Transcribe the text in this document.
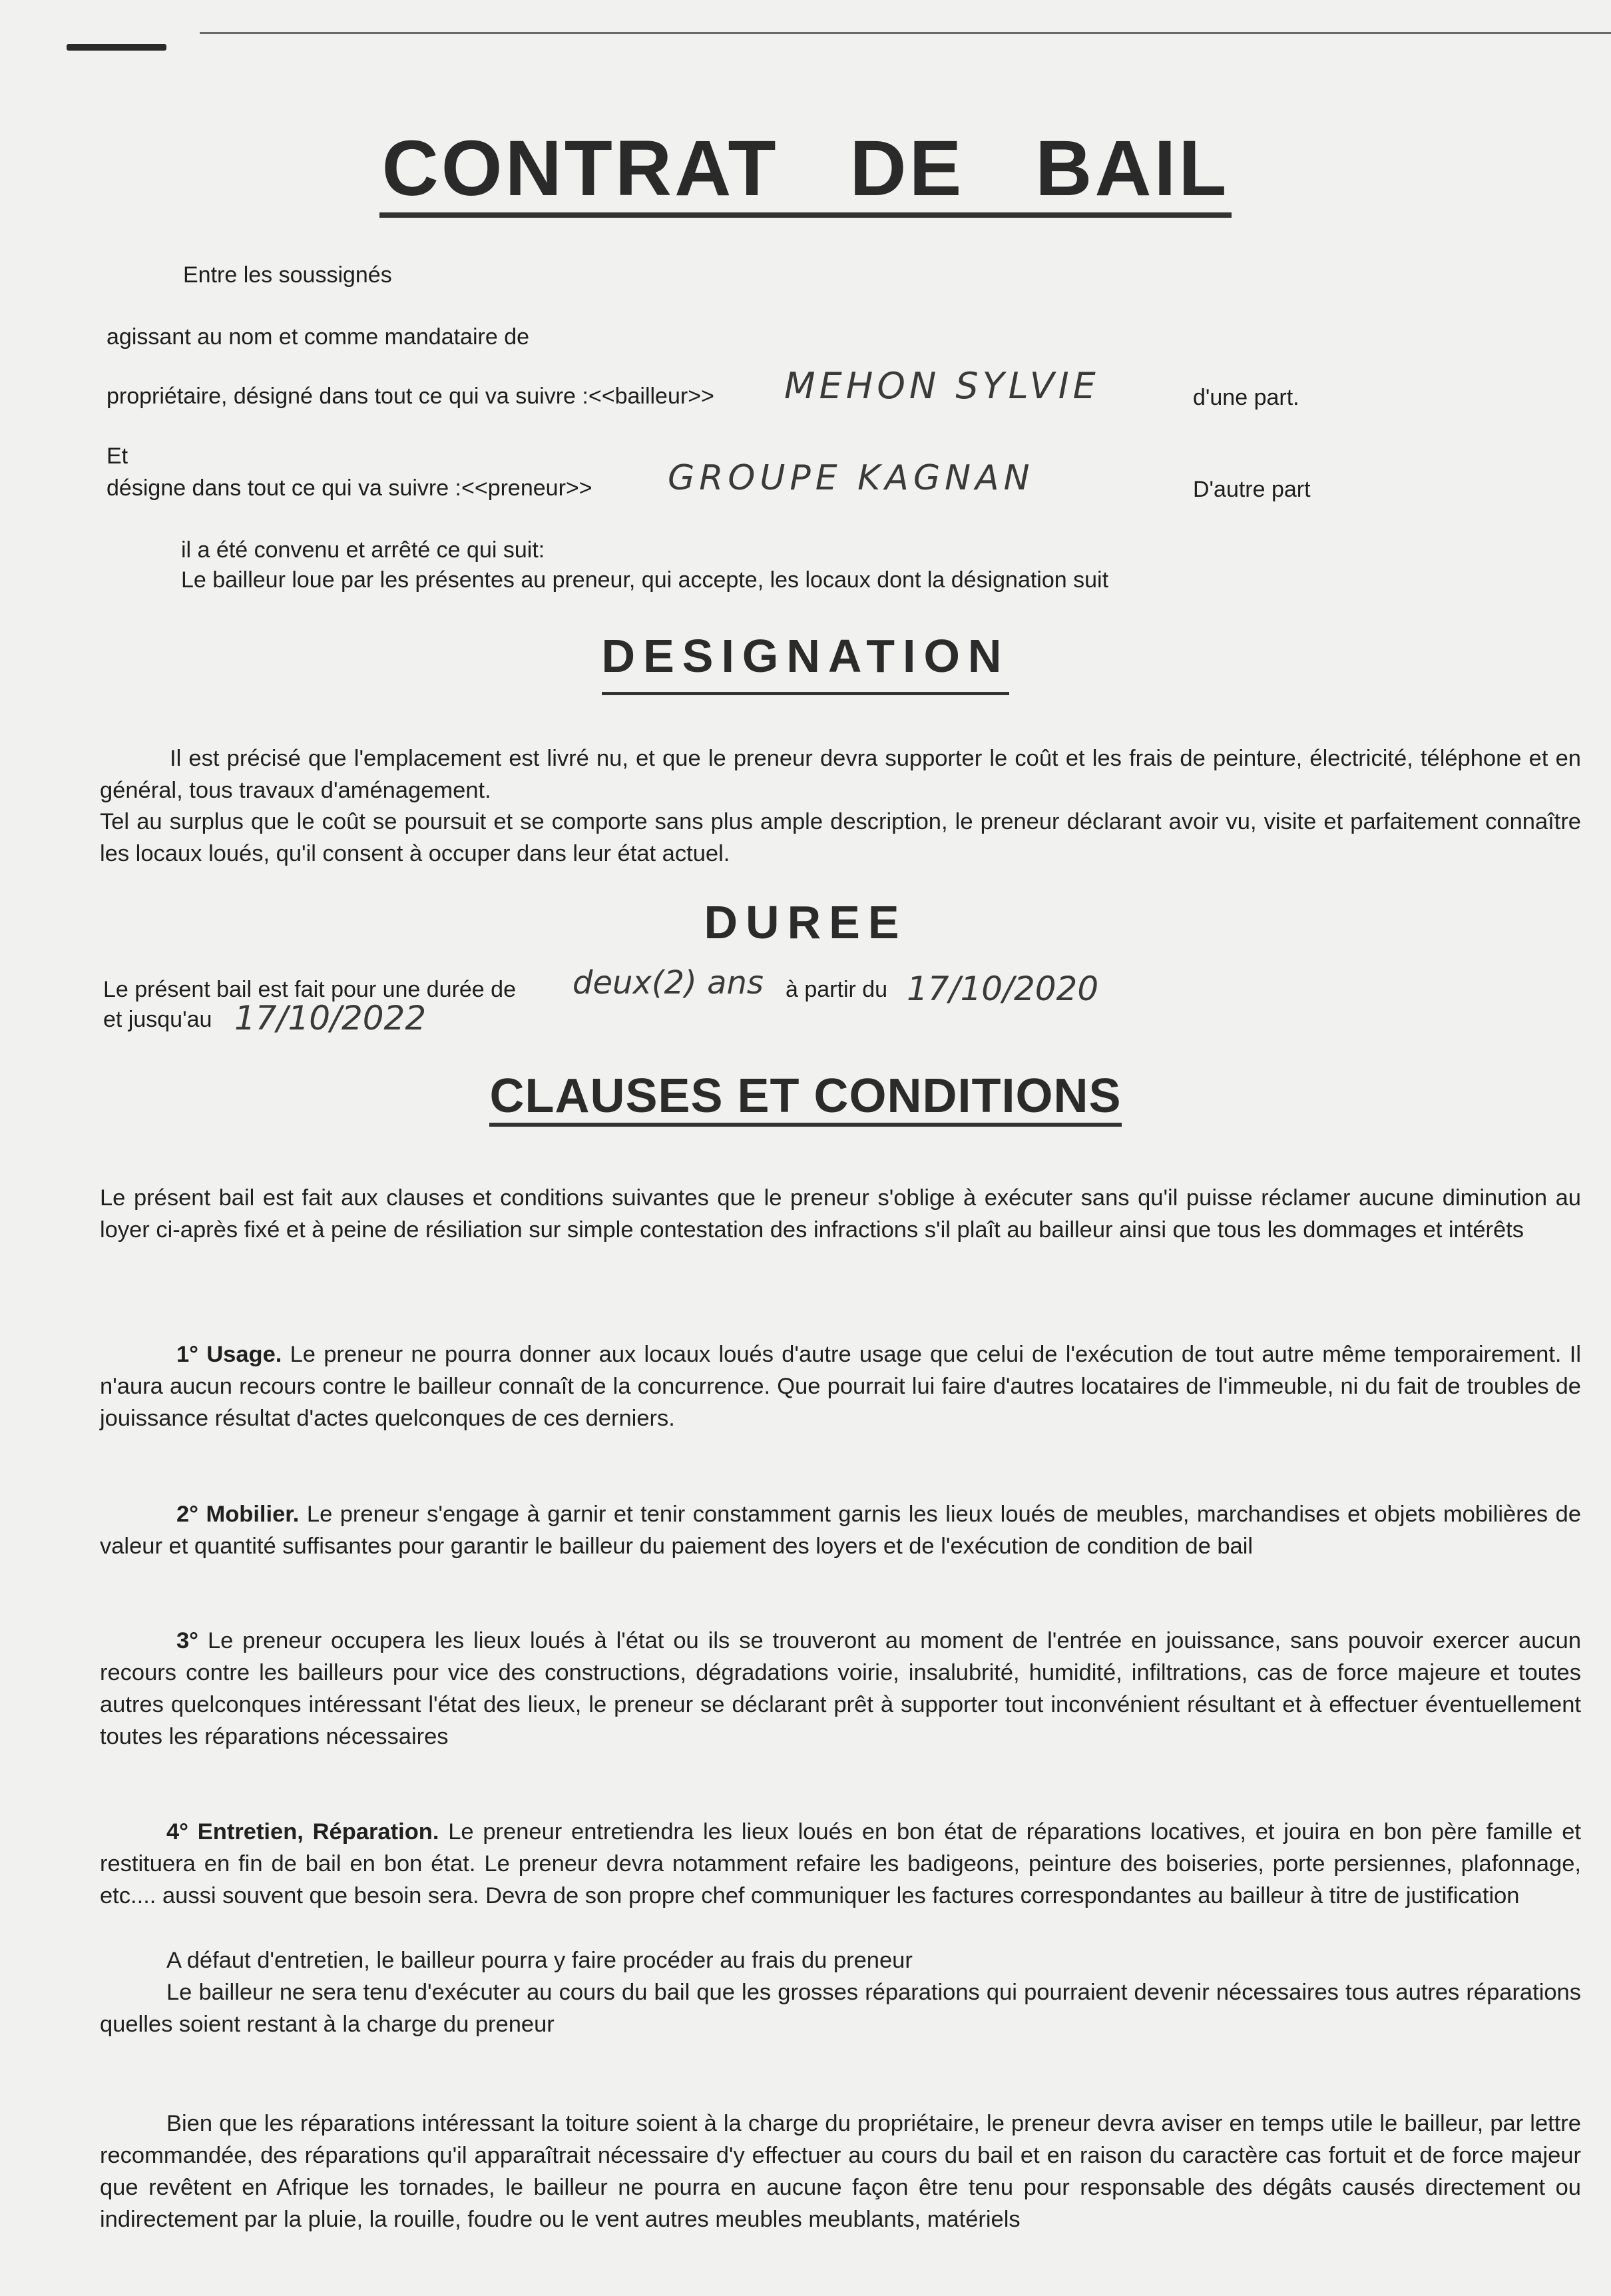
CONTRAT DE BAIL

Entre les soussignés

agissant au nom et comme mandataire de

propriétaire, désigné dans tout ce qui va suivre :<<bailleur>> MEHON SYLVIE	d'une part.

Et

désigne dans tout ce qui va suivre :<<preneur>> GROUPE KAGNAN	D'autre part

il a été convenu et arrêté ce qui suit:

Le bailleur loue par les présentes au preneur, qui accepte, les locaux dont la désignation suit

DESIGNATION

Il est précisé que l'emplacement est livré nu, et que le preneur devra supporter le coût et les frais de peinture, électricité, téléphone et en général, tous travaux d'aménagement.

Tel au surplus que le coût se poursuit et se comporte sans plus ample description, le preneur déclarant avoir vu, visite et parfaitement connaître les locaux loués, qu'il consent à occuper dans leur état actuel.

DUREE

Le présent bail est fait pour une durée de deux(2) ans à partir du 17/10/2020

et jusqu'au 17/10/2022
CLAUSES ET CONDITIONS

Le présent bail est fait aux clauses et conditions suivantes que le preneur s'oblige à exécuter sans qu'il puisse réclamer aucune diminution au loyer ci-après fixé et à peine de résiliation sur simple contestation des infractions s'il plaît au bailleur ainsi que tous les dommages et intérêts

1° Usage. Le preneur ne pourra donner aux locaux loués d'autre usage que celui de l'exécution de tout autre même temporairement. Il n'aura aucun recours contre le bailleur connaît de la concurrence. Que pourrait lui faire d'autres locataires de l'immeuble, ni du fait de troubles de jouissance résultat d'actes quelconques de ces derniers.

2° Mobilier. Le preneur s'engage à garnir et tenir constamment garnis les lieux loués de meubles, marchandises et objets mobilières de valeur et quantité suffisantes pour garantir le bailleur du paiement des loyers et de l'exécution de condition de bail

3° Le preneur occupera les lieux loués à l'état ou ils se trouveront au moment de l'entrée en jouissance, sans pouvoir exercer aucun recours contre les bailleurs pour vice des constructions, dégradations voirie, insalubrité, humidité, infiltrations, cas de force majeure et toutes autres quelconques intéressant l'état des lieux, le preneur se déclarant prêt à supporter tout inconvénient résultant et à effectuer éventuellement toutes les réparations nécessaires

4° Entretien, Réparation. Le preneur entretiendra les lieux loués en bon état de réparations locatives, et jouira en bon père famille et restituera en fin de bail en bon état. Le preneur devra notamment refaire les badigeons, peinture des boiseries, porte persiennes, plafonnage, etc.... aussi souvent que besoin sera. Devra de son propre chef communiquer les factures correspondantes au bailleur à titre de justification

A défaut d'entretien, le bailleur pourra y faire procéder au frais du preneur

Le bailleur ne sera tenu d'exécuter au cours du bail que les grosses réparations qui pourraient devenir nécessaires tous autres réparations quelles soient restant à la charge du preneur

Bien que les réparations intéressant la toiture soient à la charge du propriétaire, le preneur devra aviser en temps utile le bailleur, par lettre recommandée, des réparations qu'il apparaîtrait nécessaire d'y effectuer au cours du bail et en raison du caractère cas fortuit et de force majeur que revêtent en Afrique les tornades, le bailleur ne pourra en aucune façon être tenu pour responsable des dégâts causés directement ou indirectement par la pluie, la rouille, foudre ou le vent autres meubles meublants, matériels
